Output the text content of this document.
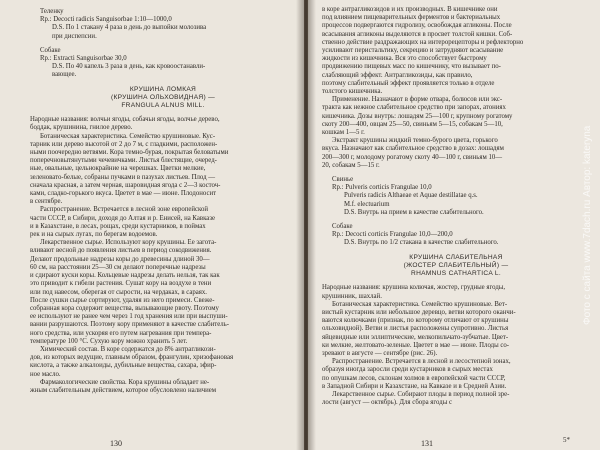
Теленку
Rp.: Decocti radicis Sanguisorbae 1:10—1000,0
D.S. По 1 стакану 4 раза в день до выпойки молозива
при диспепсии.
Собаке
Rp.: Extracti Sanguisorbae 30,0
D.S. По 40 капель 3 раза в день, как кровоостанавли-
вающее.
КРУШИНА ЛОМКАЯ
(КРУШИНА ОЛЬХОВИДНАЯ) —
FRANGULA ALNUS MILL.
Народные названия: волчьи ягоды, собачьи ягоды, волчье дерево,
боддак, крушинина, гнилое дерево.
Ботаническая характеристика. Семейство крушиновые. Кус-
тарник или дерево высотой от 2 до 7 м, с гладкими, расположен-
ными поочередно ветвями. Кора темно-бурая, покрытая беловатыми
поперечновытянутыми чечевичками. Листья блестящие, очеред-
ные, овальные, цельнокрайние на черешках. Цветки мелкие,
зеленовато-белые, собраны пучками в пазухах листьев. Плод —
сначала красная, а затем черная, шаровидная ягода с 2—3 косточ-
ками, сладко-горького вкуса. Цветет в мае — июне. Плодоносит
в сентябре.
Распространение. Встречается в лесной зоне европейской
части СССР, в Сибири, доходя до Алтая и р. Енисей, на Кавказе
и в Казахстане, в лесах, рощах, среди кустарников, в поймах
рек и на сырых лугах, по берегам водоемов.
Лекарственное сырье. Используют кору крушины. Ее загота-
вливают весной до появления листьев в период сокодвижения.
Делают продольные надрезы коры до древесины длиной 30—
60 см, на расстоянии 25—30 см делают поперечные надрезы
и сдирают куски коры. Кольцевые надрезы делать нельзя, так как
это приводит к гибели растения. Сушат кору на воздухе в тени
или под навесом, оберегая от сырости, на чердаках, в сараях.
После сушки сырье сортируют, удаляя из него примеси. Свеже-
собранная кора содержит вещества, вызывающие рвоту. Поэтому
ее используют не ранее чем через 1 год хранения или при выспуши-
вании разрушаются. Поэтому кору применяют в качестве слабитель-
ного средства, или ускоряя его путем нагревания при темпера-
температуре 100 °С. Сухую кору можно хранить 5 лет.
Химический состав. В коре содержатся до 8% антрагликози-
дов, из которых ведущие, главным образом, франгулин, хризофановая
кислота, а также алкалоиды, дубильные вещества, сахара, эфир-
ное масло.
Фармакологические свойства. Кора крушины обладает не-
жным слабительным действием, которое обусловлено наличием
в коре антрагликозидов и их производных. В кишечнике они
под влиянием пищеварительных ферментов и бактериальных
процессов подвергаются гидролизу, освобождая агликоны. После
всасывания агликоны выделяются в просвет толстой кишки. Соб-
ственно действие раздражающих на интерорецепторы и рефлекторно
усиливают перистальтику, секрецию и затрудняют всасывание
жидкости из кишечника. Вся это способствует быстрому
продвижению пищевых масс по кишечнику, что вызывает по-
слабляющий эффект. Антрагликозиды, как правило,
поэтому слабительный эффект проявляется только в отделе
толстого кишечника.
Применение. Назначают в форме отвара, болюсов или экс-
тракта как нежное слабительное средство при запорах, атониях
кишечника. Дозы внутрь: лошадям 25—100 г, крупному рогатому
скоту 200—400, овцам 25—50, свиньям 5—15, собакам 5—10,
кошкам 1—5 г.
Экстракт крушины жидкий темно-бурого цвета, горького
вкуса. Назначают как слабительное средство в дозах: лошадям
200—300 г, молодому рогатому скоту 40—100 г, свиньям 10—
20, собакам 5—15 г.
Свинье
Rp.: Pulveris corticis Frangulae 10,0
Pulveris radicis Althaeae et Aquae destillatae q.s.
M.f. electuarium
D.S. Внутрь на прием в качестве слабительного.
Собаке
Rp.: Decocti corticis Frangulae 10,0—200,0
D.S. Внутрь по 1/2 стакана в качестве слабительного.
КРУШИНА СЛАБИТЕЛЬНАЯ
(ЖОСТЕР СЛАБИТЕЛЬНЫЙ) —
RHAMNUS CATHARTICA L.
Народные названия: крушина колючая, жостер, грудные ягоды,
крушинник, шахлай.
Ботаническая характеристика. Семейство крушиновые. Вет-
вистый кустарник или небольшое деревцо, ветви которого оканчи-
ваются колючками (признак, по которому отличают от крушины
ольховидной). Ветви и листья расположены супротивно. Листья
яйцевидные или эллиптические, мелкопильчато-зубчатые. Цвет-
ки мелкие, желтовато-зеленые. Цветет в мае — июне. Плоды со-
зревают в августе — сентябре (рис. 26).
Распространение. Встречается в лесной и лесостепной зонах,
образуя иногда заросли среди кустарников в сырых местах
по опушкам лесов, склонам холмов в европейской части СССР,
в Западной Сибири и Казахстане, на Кавказе и в Средней Азии.
Лекарственное сырье. Собирают плоды в период полной зре-
лости (август — октябрь). Для сбора ягоды с
130	131	5*
Фото с сайта www.7dach.ru Автор: kateryna
